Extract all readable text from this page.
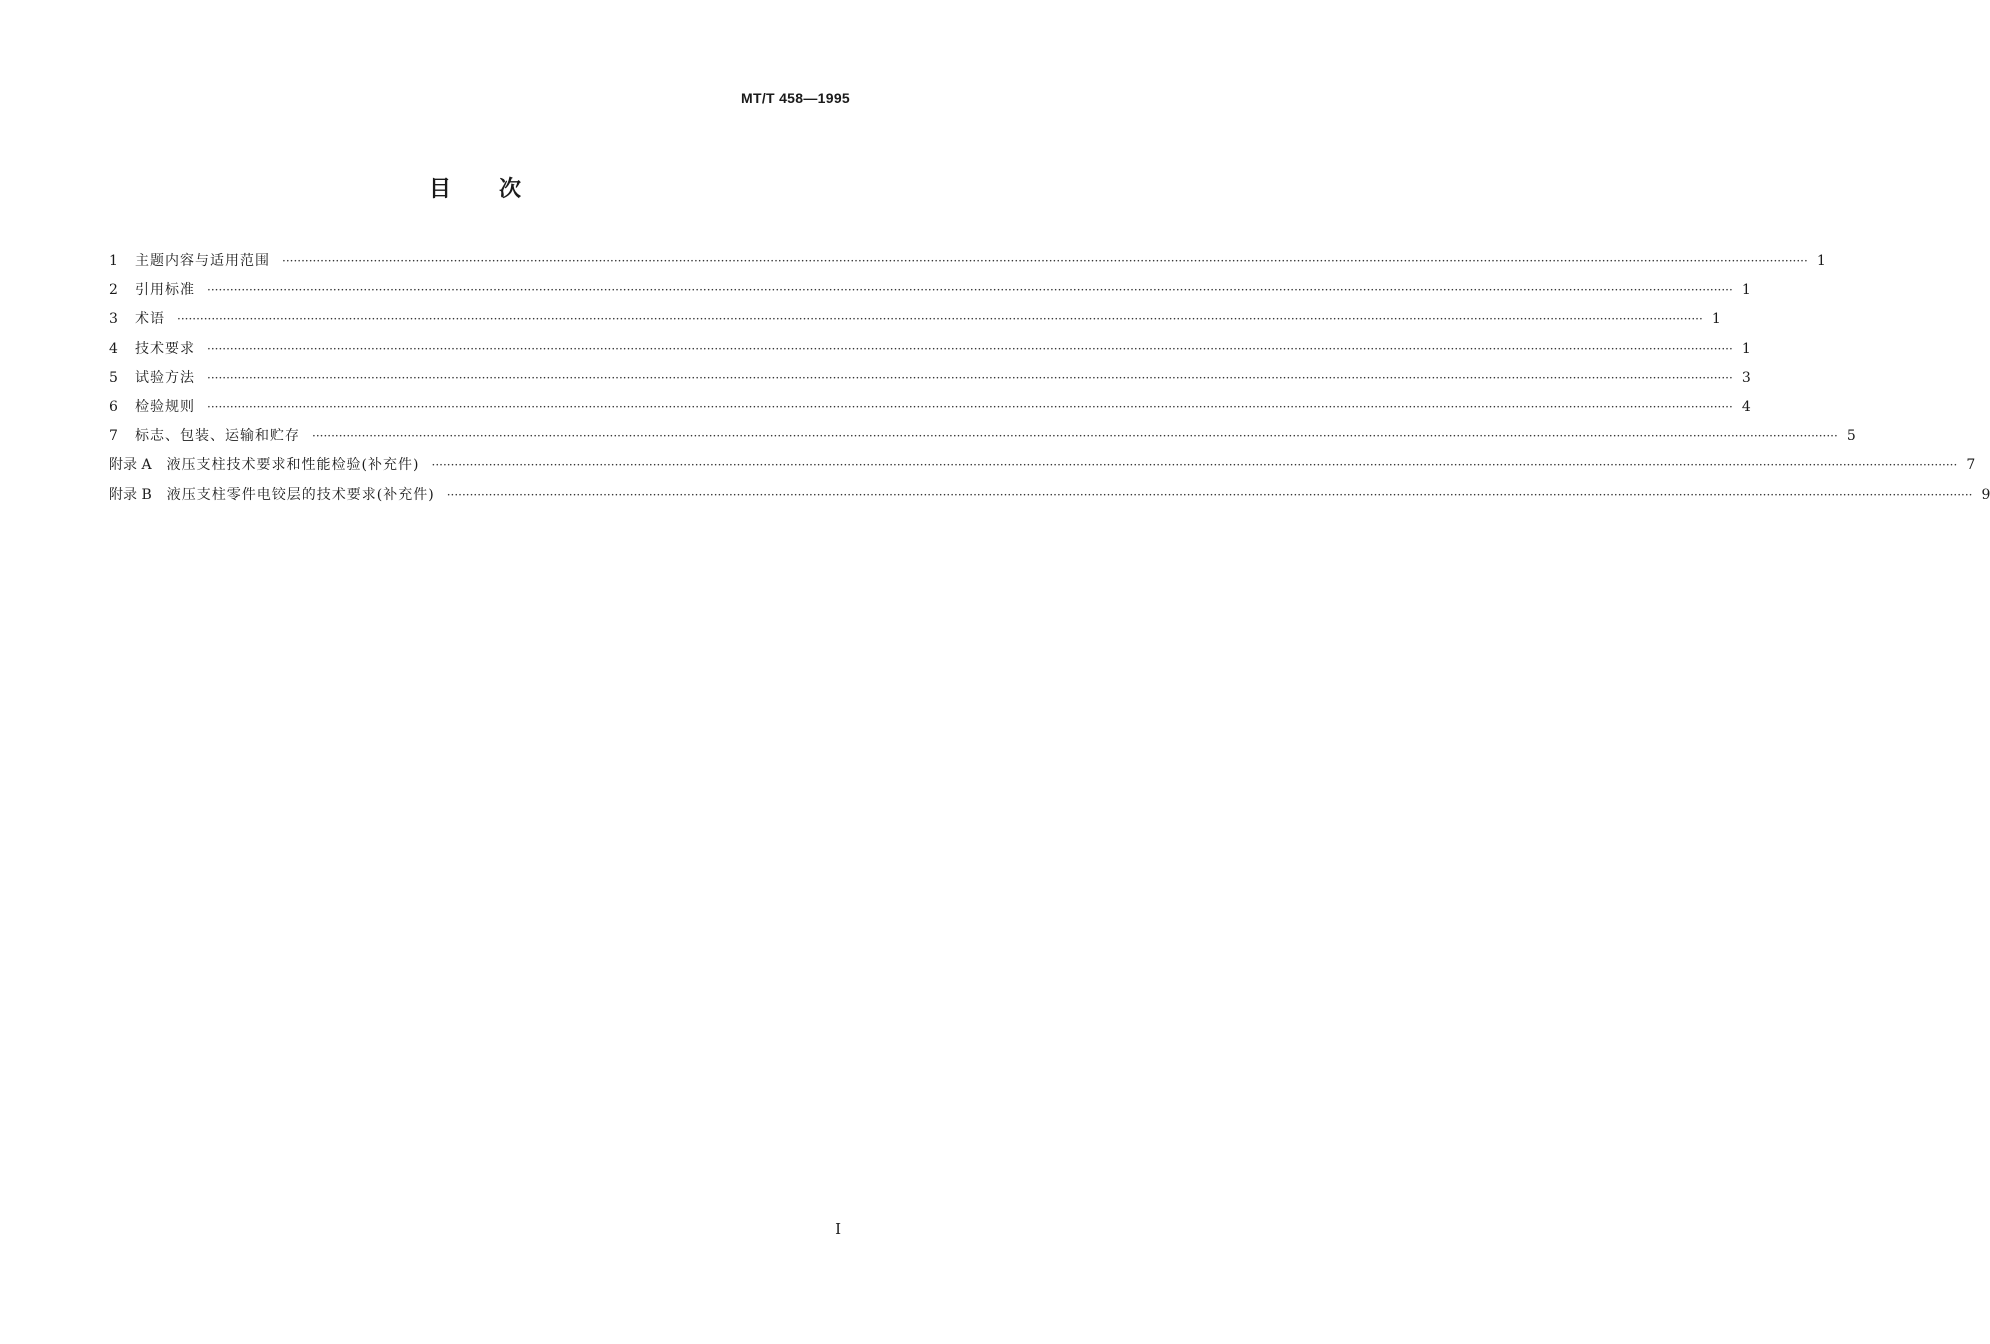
MT/T 458—1995
目次
1	主题内容与适用范围 ················································································································································································································································································································································································································ 1
2	引用标准 ················································································································································································································································································································································································································ 1
3	术语 ················································································································································································································································································································································································································ 1
4	技术要求 ················································································································································································································································································································································································································ 1
5	试验方法 ················································································································································································································································································································································································································ 3
6	检验规则 ················································································································································································································································································································································································································ 4
7	标志、包装、运输和贮存 ················································································································································································································································································································································································································ 5
附录 A 液压支柱技术要求和性能检验(补充件) ················································································································································································································································································································································································································ 7
附录 B 液压支柱零件电铰层的技术要求(补充件) ················································································································································································································································································································································································································ 9
I
